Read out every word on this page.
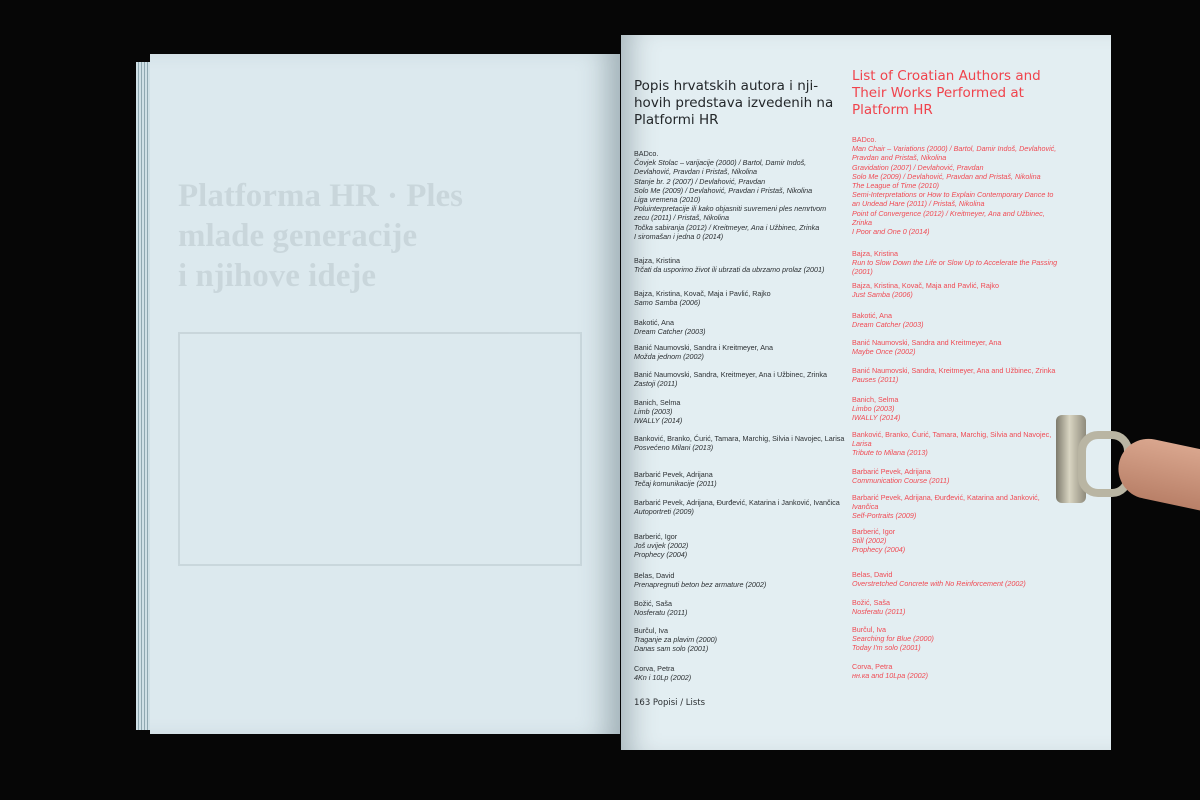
Platforma HR · Ples
mlade generacije
i njihove ideje
Popis hrvatskih autora i nji-
hovih predstava izvedenih na
Platformi HR
BADco.
Čovjek Stolac – varijacije (2000) / Bartol, Damir Indoš,
Devlahović, Pravdan i Pristaš, Nikolina
Stanje br. 2 (2007) / Devlahović, Pravdan
Solo Me (2009) / Devlahović, Pravdan i Pristaš, Nikolina
Liga vremena (2010)
Poluinterpretacije ili kako objasniti suvremeni ples nemrtvom
zecu (2011) / Pristaš, Nikolina
Točka sabiranja (2012) / Kreitmeyer, Ana i Užbinec, Zrinka
I siromašan i jedna 0 (2014)
Bajza, Kristina
Trčati da usporimo život ili ubrzati da ubrzamo prolaz (2001)
Bajza, Kristina, Kovač, Maja i Pavlić, Rajko
Samo Samba (2006)
Bakotić, Ana
Dream Catcher (2003)
Banić Naumovski, Sandra i Kreitmeyer, Ana
Možda jednom (2002)
Banić Naumovski, Sandra, Kreitmeyer, Ana i Užbinec, Zrinka
Zastoji (2011)
Banich, Selma
Limb (2003)
IWALLY (2014)
Banković, Branko, Ćurić, Tamara, Marchig, Silvia i Navojec, Larisa
Posvećeno Milani (2013)
Barbarić Pevek, Adrijana
Tečaj komunikacije (2011)
Barbarić Pevek, Adrijana, Đurđević, Katarina i Janković, Ivančica
Autoportreti (2009)
Barberić, Igor
Još uvijek (2002)
Prophecy (2004)
Belas, David
Prenapregnuti beton bez armature (2002)
Božić, Saša
Nosferatu (2011)
Burčul, Iva
Traganje za plavim (2000)
Danas sam solo (2001)
Corva, Petra
4Kn i 10Lp (2002)
List of Croatian Authors and
Their Works Performed at
Platform HR
BADco.
Man Chair – Variations (2000) / Bartol, Damir Indoš, Devlahović,
Pravdan and Pristaš, Nikolina
Gravidation (2007) / Devlahović, Pravdan
Solo Me (2009) / Devlahović, Pravdan and Pristaš, Nikolina
The League of Time (2010)
Semi-Interpretations or How to Explain Contemporary Dance to
an Undead Hare (2011) / Pristaš, Nikolina
Point of Convergence (2012) / Kreitmeyer, Ana and Užbinec,
Zrinka
I Poor and One 0 (2014)
Bajza, Kristina
Run to Slow Down the Life or Slow Up to Accelerate the Passing
(2001)
Bajza, Kristina, Kovač, Maja and Pavlić, Rajko
Just Samba (2006)
Bakotić, Ana
Dream Catcher (2003)
Banić Naumovski, Sandra and Kreitmeyer, Ana
Maybe Once (2002)
Banić Naumovski, Sandra, Kreitmeyer, Ana and Užbinec, Zrinka
Pauses (2011)
Banich, Selma
Limbo (2003)
IWALLY (2014)
Banković, Branko, Ćurić, Tamara, Marchig, Silvia and Navojec,
Larisa
Tribute to Milana (2013)
Barbarić Pevek, Adrijana
Communication Course (2011)
Barbarić Pevek, Adrijana, Đurđević, Katarina and Janković,
Ivančica
Self-Portraits (2009)
Barberić, Igor
Still (2002)
Prophecy (2004)
Belas, David
Overstretched Concrete with No Reinforcement (2002)
Božić, Saša
Nosferatu (2011)
Burčul, Iva
Searching for Blue (2000)
Today I'm solo (2001)
Corva, Petra
нн.ка and 10Lpa (2002)
163 Popisi / Lists
